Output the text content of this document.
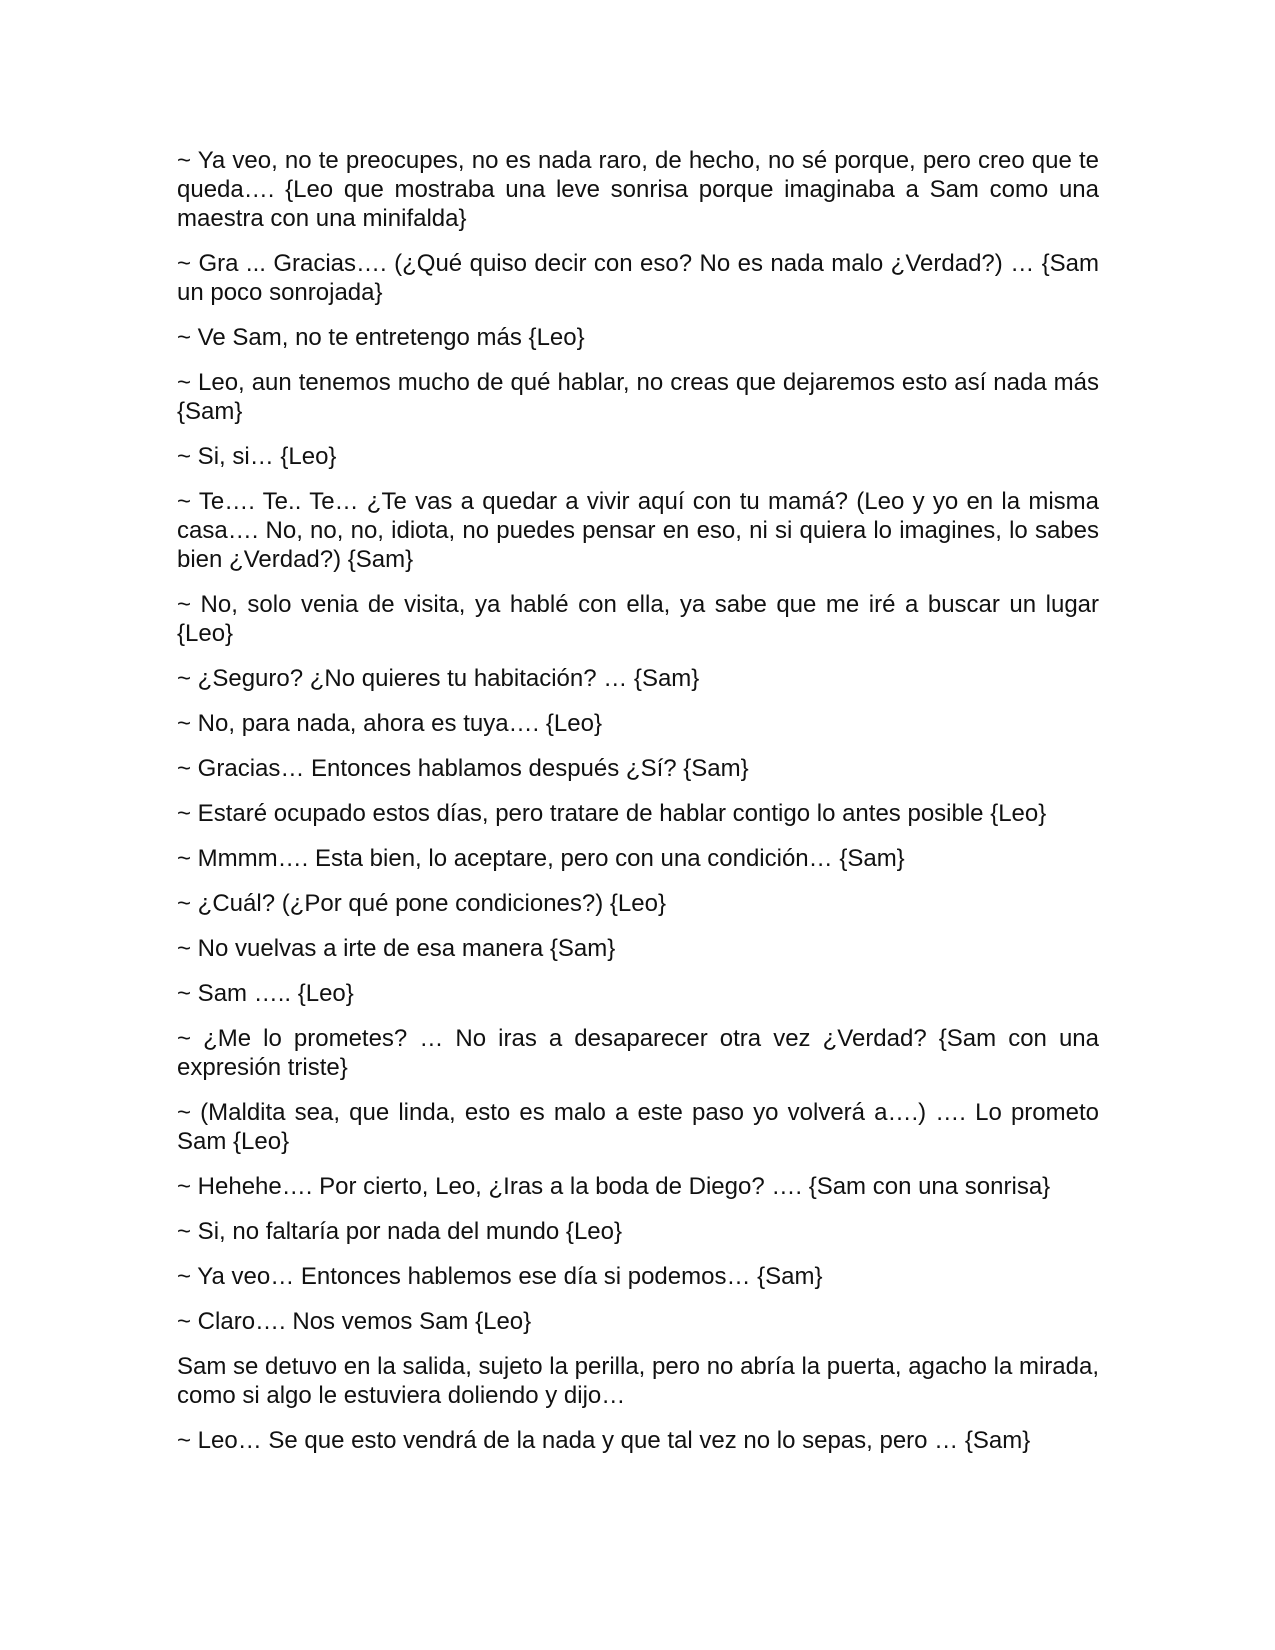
~ Ya veo, no te preocupes, no es nada raro, de hecho, no sé porque, pero creo que te queda…. {Leo que mostraba una leve sonrisa porque imaginaba a Sam como una maestra con una minifalda}

~ Gra ... Gracias…. (¿Qué quiso decir con eso? No es nada malo ¿Verdad?) … {Sam un poco sonrojada}

~ Ve Sam, no te entretengo más {Leo}

~ Leo, aun tenemos mucho de qué hablar, no creas que dejaremos esto así nada más {Sam}

~ Si, si… {Leo}

~ Te…. Te.. Te… ¿Te vas a quedar a vivir aquí con tu mamá? (Leo y yo en la misma casa…. No, no, no, idiota, no puedes pensar en eso, ni si quiera lo imagines, lo sabes bien ¿Verdad?) {Sam}

~ No, solo venia de visita, ya hablé con ella, ya sabe que me iré a buscar un lugar {Leo}

~ ¿Seguro? ¿No quieres tu habitación? … {Sam}

~ No, para nada, ahora es tuya…. {Leo}

~ Gracias… Entonces hablamos después ¿Sí? {Sam}

~ Estaré ocupado estos días, pero tratare de hablar contigo lo antes posible {Leo}

~ Mmmm…. Esta bien, lo aceptare, pero con una condición… {Sam}

~ ¿Cuál? (¿Por qué pone condiciones?) {Leo}

~ No vuelvas a irte de esa manera {Sam}

~ Sam ….. {Leo}

~ ¿Me lo prometes? … No iras a desaparecer otra vez ¿Verdad? {Sam con una expresión triste}

~ (Maldita sea, que linda, esto es malo a este paso yo volverá a….) …. Lo prometo Sam {Leo}

~ Hehehe…. Por cierto, Leo, ¿Iras a la boda de Diego? …. {Sam con una sonrisa}

~ Si, no faltaría por nada del mundo {Leo}

~ Ya veo… Entonces hablemos ese día si podemos… {Sam}

~ Claro…. Nos vemos Sam {Leo}

Sam se detuvo en la salida, sujeto la perilla, pero no abría la puerta, agacho la mirada, como si algo le estuviera doliendo y dijo…

~ Leo… Se que esto vendrá de la nada y que tal vez no lo sepas, pero … {Sam}
